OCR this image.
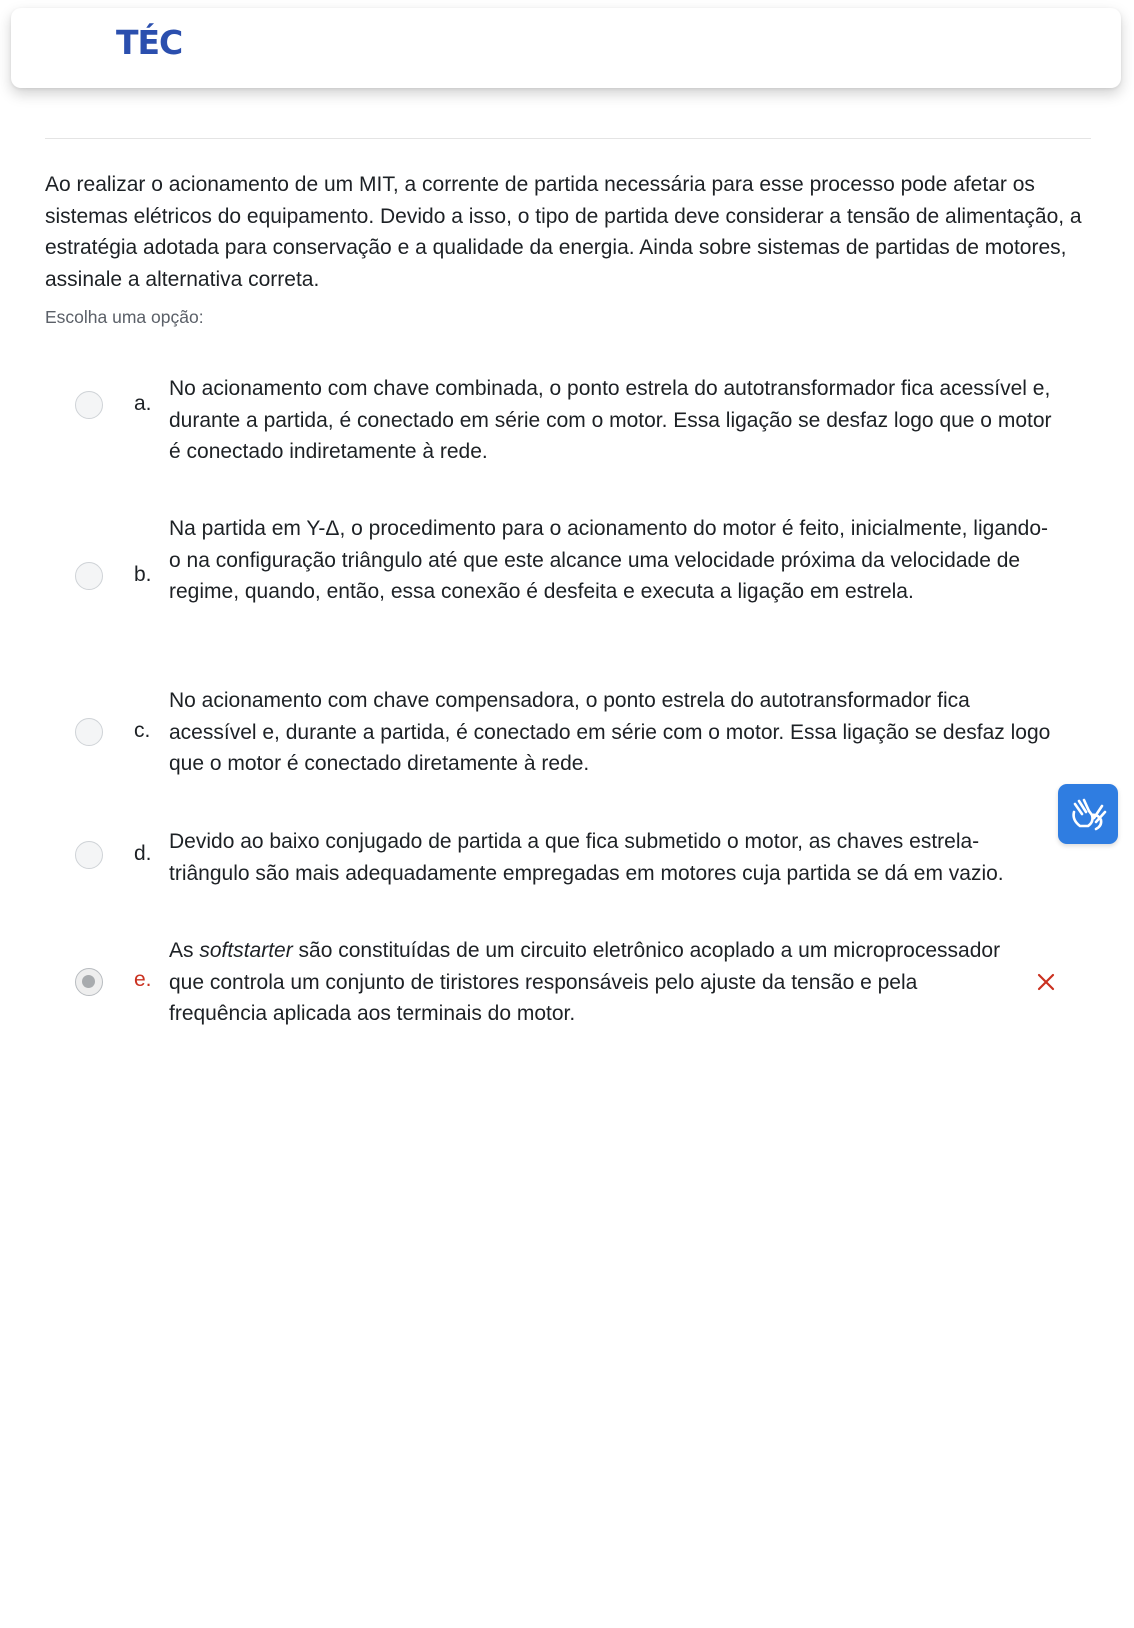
TÉC
Ao realizar o acionamento de um MIT, a corrente de partida necessária para esse processo pode afetar os sistemas elétricos do equipamento. Devido a isso, o tipo de partida deve considerar a tensão de alimentação, a estratégia adotada para conservação e a qualidade da energia. Ainda sobre sistemas de partidas de motores, assinale a alternativa correta.
Escolha uma opção:
a.
No acionamento com chave combinada, o ponto estrela do autotransformador fica acessível e, durante a partida, é conectado em série com o motor. Essa ligação se desfaz logo que o motor é conectado indiretamente à rede.
b.
Na partida em Y-Δ, o procedimento para o acionamento do motor é feito, inicialmente, ligando-o na configuração triângulo até que este alcance uma velocidade próxima da velocidade de regime, quando, então, essa conexão é desfeita e executa a ligação em estrela.
c.
No acionamento com chave compensadora, o ponto estrela do autotransformador fica acessível e, durante a partida, é conectado em série com o motor. Essa ligação se desfaz logo que o motor é conectado diretamente à rede.
d.
Devido ao baixo conjugado de partida a que fica submetido o motor, as chaves estrela-triângulo são mais adequadamente empregadas em motores cuja partida se dá em vazio.
e.
As softstarter são constituídas de um circuito eletrônico acoplado a um microprocessador que controla um conjunto de tiristores responsáveis pelo ajuste da tensão e pela frequência aplicada aos terminais do motor.
